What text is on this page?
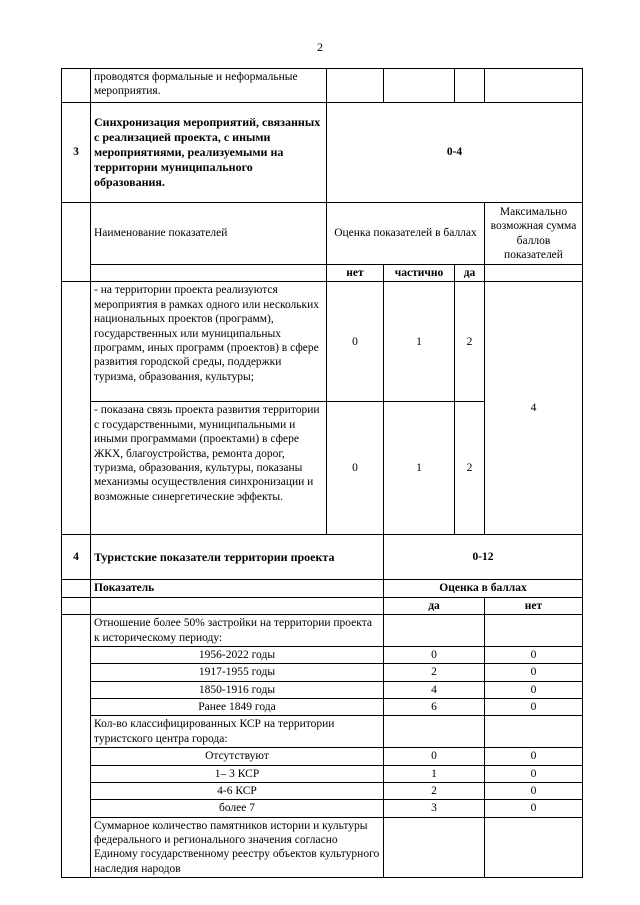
2
	проводятся формальные и неформальные мероприятия.				
3	Синхронизация мероприятий, связанных с реализацией проекта, с иными мероприятиями, реализуемыми на территории муниципального образования.	0-4			
	Наименование показателей	Оценка показателей в баллах			Максимально возможная сумма баллов показателей
		нет	частично	да	
	- на территории проекта реализуются мероприятия в рамках одного или нескольких национальных проектов (программ), государственных или муниципальных программ, иных программ (проектов) в сфере развития городской среды, поддержки туризма, образования, культуры;	0	1	2	4
	- показана связь проекта развития территории с государственными, муниципальными и иными программами (проектами) в сфере ЖКХ, благоустройства, ремонта дорог, туризма, образования, культуры, показаны механизмы осуществления синхронизации и возможные синергетические эффекты.	0	1	2	
4	Туристские показатели территории проекта		0-12		
	Показатель		Оценка в баллах		
			да		нет
	Отношение более 50% застройки на территории проекта к историческому периоду:				
	1956-2022 годы		0		0
	1917-1955 годы		2		0
	1850-1916 годы		4		0
	Ранее 1849 года		6		0
	Кол-во классифицированных КСР на территории туристского центра города:				
	Отсутствуют		0		0
	1– 3 КСР		1		0
	4-6 КСР		2		0
	более 7		3		0
	Суммарное количество памятников истории и культуры федерального и регионального значения согласно Единому государственному реестру объектов культурного наследия народов				
